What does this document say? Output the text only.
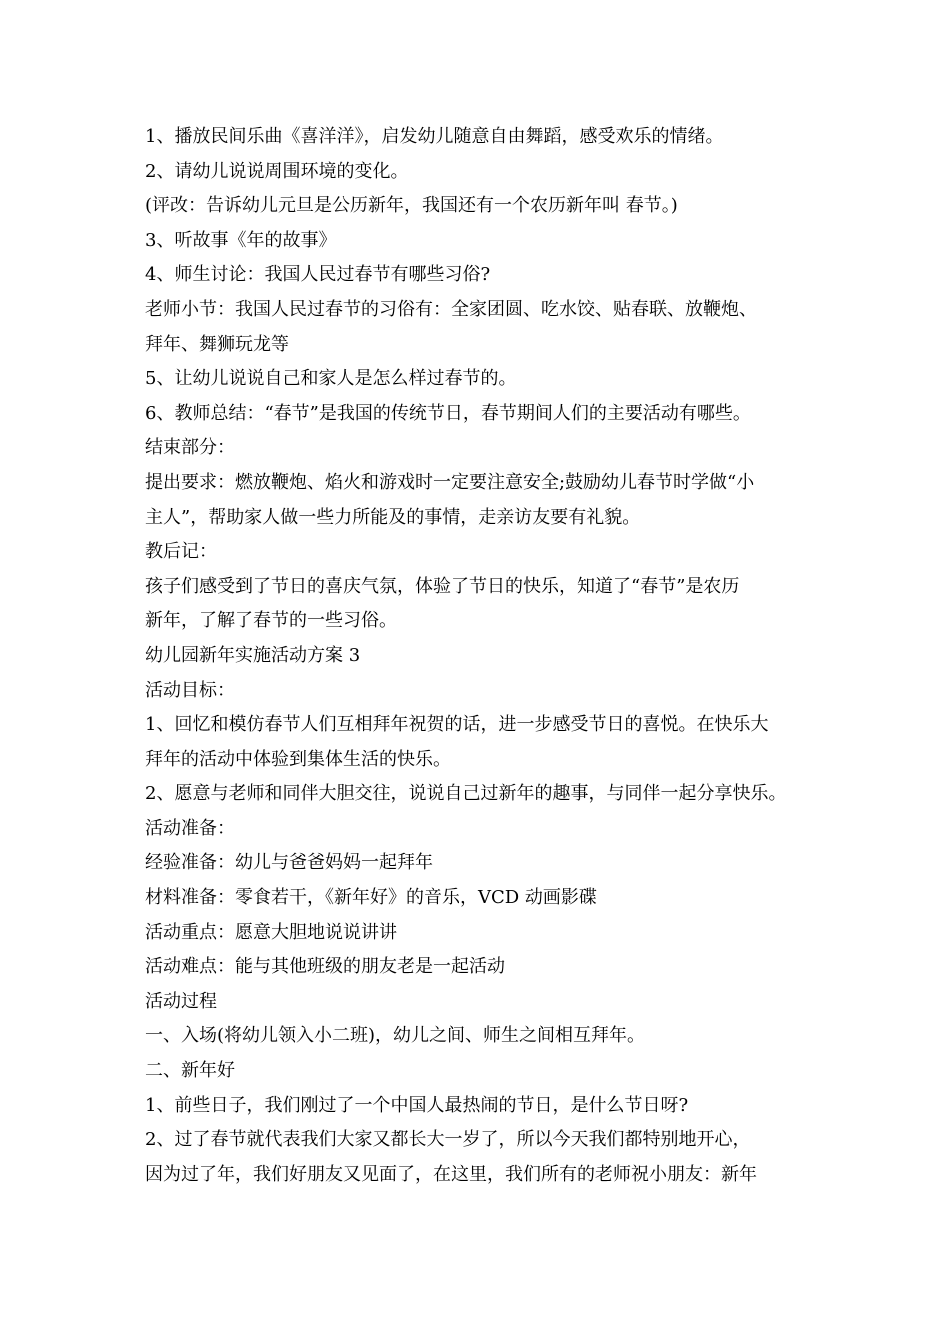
1、播放民间乐曲《喜洋洋》，启发幼儿随意自由舞蹈，感受欢乐的情绪。
2、请幼儿说说周围环境的变化。
(评改：告诉幼儿元旦是公历新年，我国还有一个农历新年叫 春节。)
3、听故事《年的故事》
4、师生讨论：我国人民过春节有哪些习俗?
老师小节：我国人民过春节的习俗有：全家团圆、吃水饺、贴春联、放鞭炮、
拜年、舞狮玩龙等
5、让幼儿说说自己和家人是怎么样过春节的。
6、教师总结：“春节”是我国的传统节日，春节期间人们的主要活动有哪些。
结束部分：
提出要求：燃放鞭炮、焰火和游戏时一定要注意安全;鼓励幼儿春节时学做“小
主人”，帮助家人做一些力所能及的事情，走亲访友要有礼貌。
教后记：
孩子们感受到了节日的喜庆气氛，体验了节日的快乐，知道了“春节”是农历
新年，了解了春节的一些习俗。
幼儿园新年实施活动方案 3
活动目标：
1、回忆和模仿春节人们互相拜年祝贺的话，进一步感受节日的喜悦。在快乐大
拜年的活动中体验到集体生活的快乐。
2、愿意与老师和同伴大胆交往，说说自己过新年的趣事，与同伴一起分享快乐。
活动准备：
经验准备：幼儿与爸爸妈妈一起拜年
材料准备：零食若干，《新年好》的音乐，VCD 动画影碟
活动重点：愿意大胆地说说讲讲
活动难点：能与其他班级的朋友老是一起活动
活动过程
一、入场(将幼儿领入小二班)，幼儿之间、师生之间相互拜年。
二、新年好
1、前些日子，我们刚过了一个中国人最热闹的节日，是什么节日呀?
2、过了春节就代表我们大家又都长大一岁了，所以今天我们都特别地开心，
因为过了年，我们好朋友又见面了，在这里，我们所有的老师祝小朋友：新年
